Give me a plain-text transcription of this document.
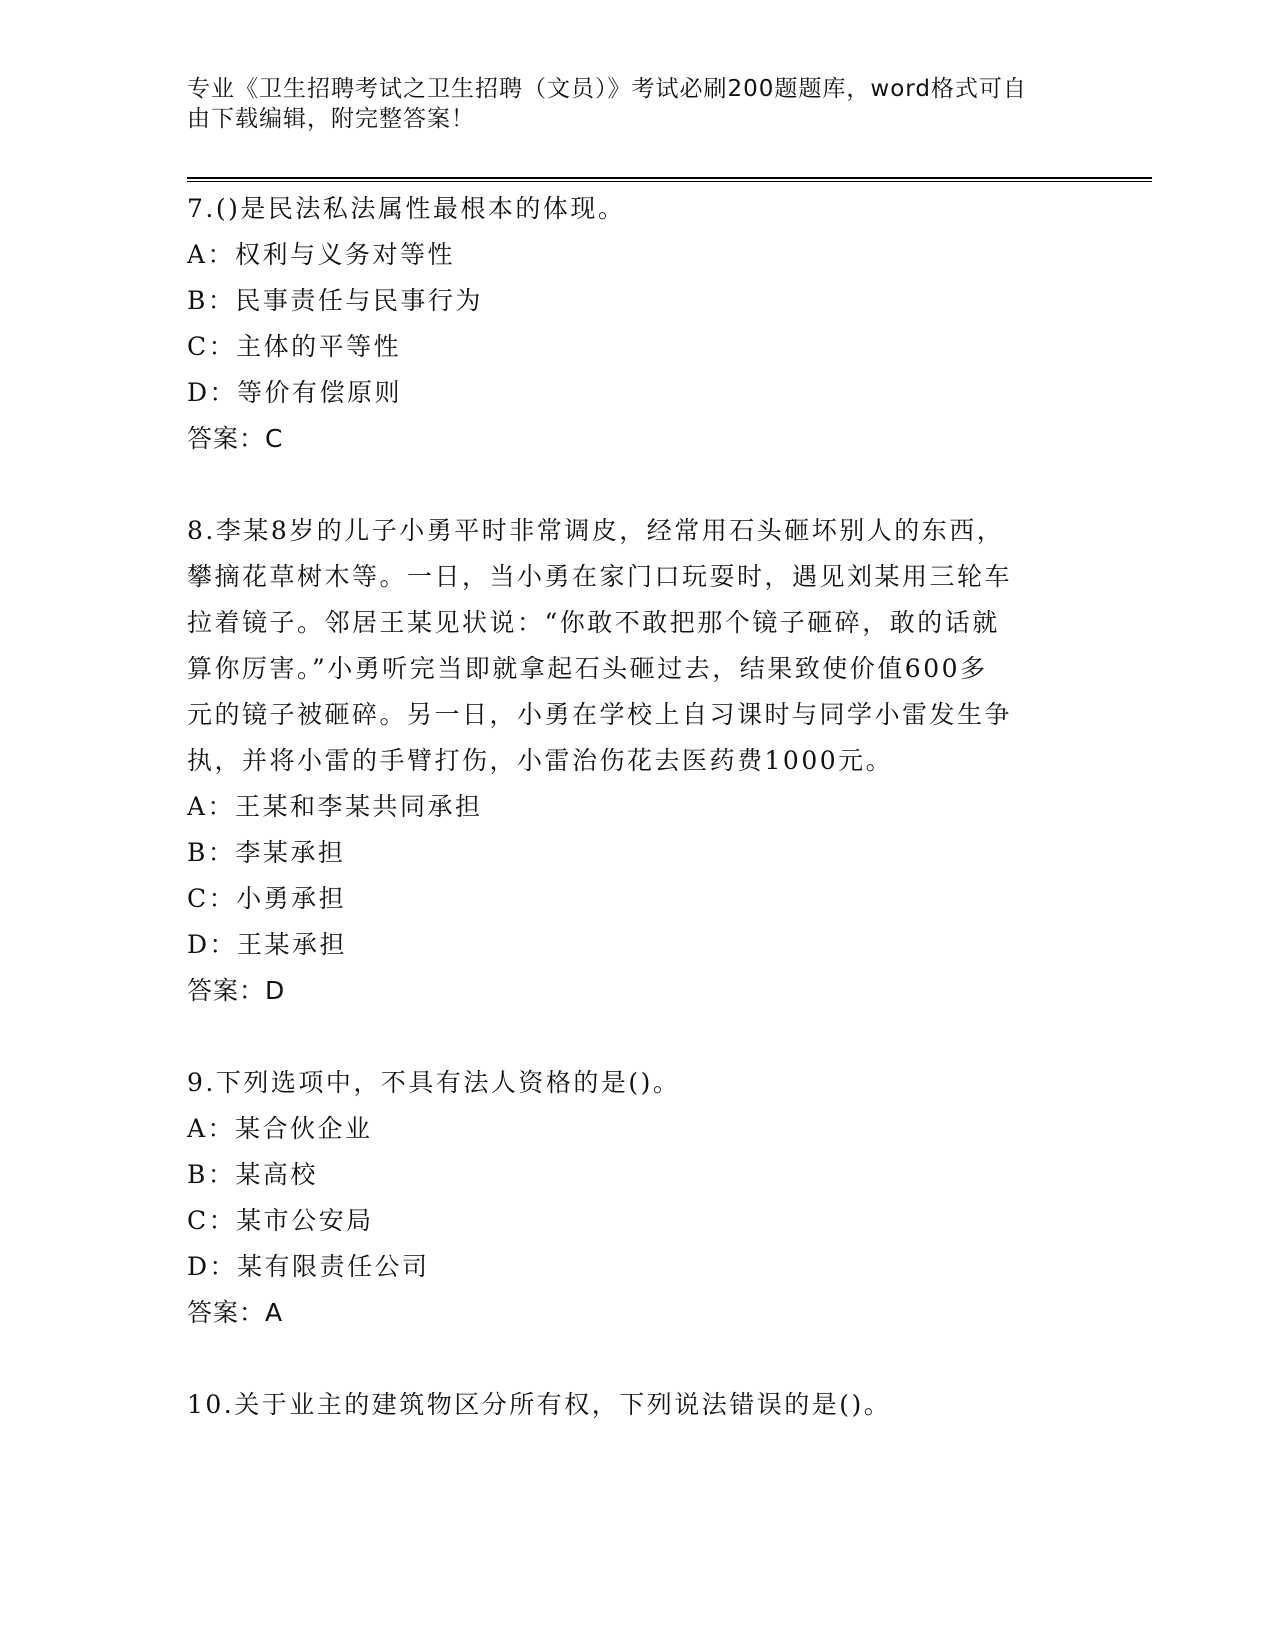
专业《卫生招聘考试之卫生招聘（文员）》考试必刷200题题库，word格式可自
由下载编辑，附完整答案！
7.()是民法私法属性最根本的体现。
A：权利与义务对等性
B：民事责任与民事行为
C：主体的平等性
D：等价有偿原则
答案：C
8.李某8岁的儿子小勇平时非常调皮，经常用石头砸坏别人的东西，
攀摘花草树木等。一日，当小勇在家门口玩耍时，遇见刘某用三轮车
拉着镜子。邻居王某见状说：“你敢不敢把那个镜子砸碎，敢的话就
算你厉害。”小勇听完当即就拿起石头砸过去，结果致使价值600多
元的镜子被砸碎。另一日，小勇在学校上自习课时与同学小雷发生争
执，并将小雷的手臂打伤，小雷治伤花去医药费1000元。
A：王某和李某共同承担
B：李某承担
C：小勇承担
D：王某承担
答案：D
9.下列选项中，不具有法人资格的是()。
A：某合伙企业
B：某高校
C：某市公安局
D：某有限责任公司
答案：A
10.关于业主的建筑物区分所有权，下列说法错误的是()。
